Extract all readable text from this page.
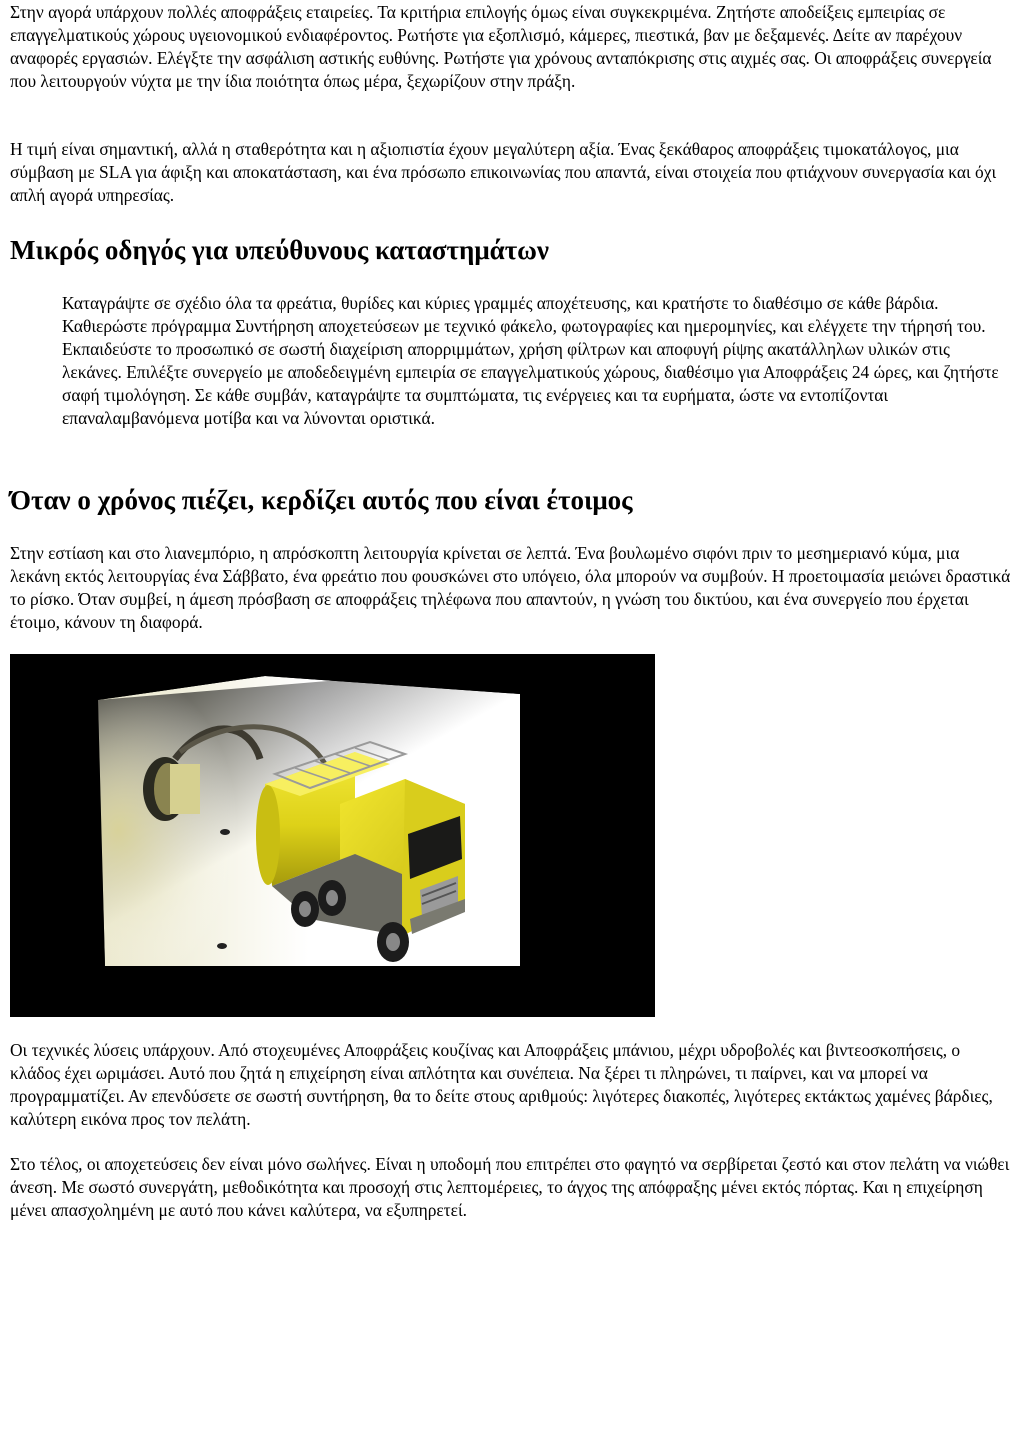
Στην αγορά υπάρχουν πολλές αποφράξεις εταιρείες. Τα κριτήρια επιλογής όμως είναι συγκεκριμένα. Ζητήστε αποδείξεις εμπειρίας σε επαγγελματικούς χώρους υγειονομικού ενδιαφέροντος. Ρωτήστε για εξοπλισμό, κάμερες, πιεστικά, βαν με δεξαμενές. Δείτε αν παρέχουν αναφορές εργασιών. Ελέγξτε την ασφάλιση αστικής ευθύνης. Ρωτήστε για χρόνους ανταπόκρισης στις αιχμές σας. Οι αποφράξεις συνεργεία που λειτουργούν νύχτα με την ίδια ποιότητα όπως μέρα, ξεχωρίζουν στην πράξη.

Η τιμή είναι σημαντική, αλλά η σταθερότητα και η αξιοπιστία έχουν μεγαλύτερη αξία. Ένας ξεκάθαρος αποφράξεις τιμοκατάλογος, μια σύμβαση με SLA για άφιξη και αποκατάσταση, και ένα πρόσωπο επικοινωνίας που απαντά, είναι στοιχεία που φτιάχνουν συνεργασία και όχι απλή αγορά υπηρεσίας.

Μικρός οδηγός για υπεύθυνους καταστημάτων

Καταγράψτε σε σχέδιο όλα τα φρεάτια, θυρίδες και κύριες γραμμές αποχέτευσης, και κρατήστε το διαθέσιμο σε κάθε βάρδια. Καθιερώστε πρόγραμμα Συντήρηση αποχετεύσεων με τεχνικό φάκελο, φωτογραφίες και ημερομηνίες, και ελέγχετε την τήρησή του. Εκπαιδεύστε το προσωπικό σε σωστή διαχείριση απορριμμάτων, χρήση φίλτρων και αποφυγή ρίψης ακατάλληλων υλικών στις λεκάνες. Επιλέξτε συνεργείο με αποδεδειγμένη εμπειρία σε επαγγελματικούς χώρους, διαθέσιμο για Αποφράξεις 24 ώρες, και ζητήστε σαφή τιμολόγηση. Σε κάθε συμβάν, καταγράψτε τα συμπτώματα, τις ενέργειες και τα ευρήματα, ώστε να εντοπίζονται επαναλαμβανόμενα μοτίβα και να λύνονται οριστικά.

Όταν ο χρόνος πιέζει, κερδίζει αυτός που είναι έτοιμος

Στην εστίαση και στο λιανεμπόριο, η απρόσκοπτη λειτουργία κρίνεται σε λεπτά. Ένα βουλωμένο σιφόνι πριν το μεσημεριανό κύμα, μια λεκάνη εκτός λειτουργίας ένα Σάββατο, ένα φρεάτιο που φουσκώνει στο υπόγειο, όλα μπορούν να συμβούν. Η προετοιμασία μειώνει δραστικά το ρίσκο. Όταν συμβεί, η άμεση πρόσβαση σε αποφράξεις τηλέφωνα που απαντούν, η γνώση του δικτύου, και ένα συνεργείο που έρχεται έτοιμο, κάνουν τη διαφορά.

Οι τεχνικές λύσεις υπάρχουν. Από στοχευμένες Αποφράξεις κουζίνας και Αποφράξεις μπάνιου, μέχρι υδροβολές και βιντεοσκοπήσεις, ο κλάδος έχει ωριμάσει. Αυτό που ζητά η επιχείρηση είναι απλότητα και συνέπεια. Να ξέρει τι πληρώνει, τι παίρνει, και να μπορεί να προγραμματίζει. Αν επενδύσετε σε σωστή συντήρηση, θα το δείτε στους αριθμούς: λιγότερες διακοπές, λιγότερες εκτάκτως χαμένες βάρδιες, καλύτερη εικόνα προς τον πελάτη.

Στο τέλος, οι αποχετεύσεις δεν είναι μόνο σωλήνες. Είναι η υποδομή που επιτρέπει στο φαγητό να σερβίρεται ζεστό και στον πελάτη να νιώθει άνεση. Με σωστό συνεργάτη, μεθοδικότητα και προσοχή στις λεπτομέρειες, το άγχος της απόφραξης μένει εκτός πόρτας. Και η επιχείρηση μένει απασχολημένη με αυτό που κάνει καλύτερα, να εξυπηρετεί.
